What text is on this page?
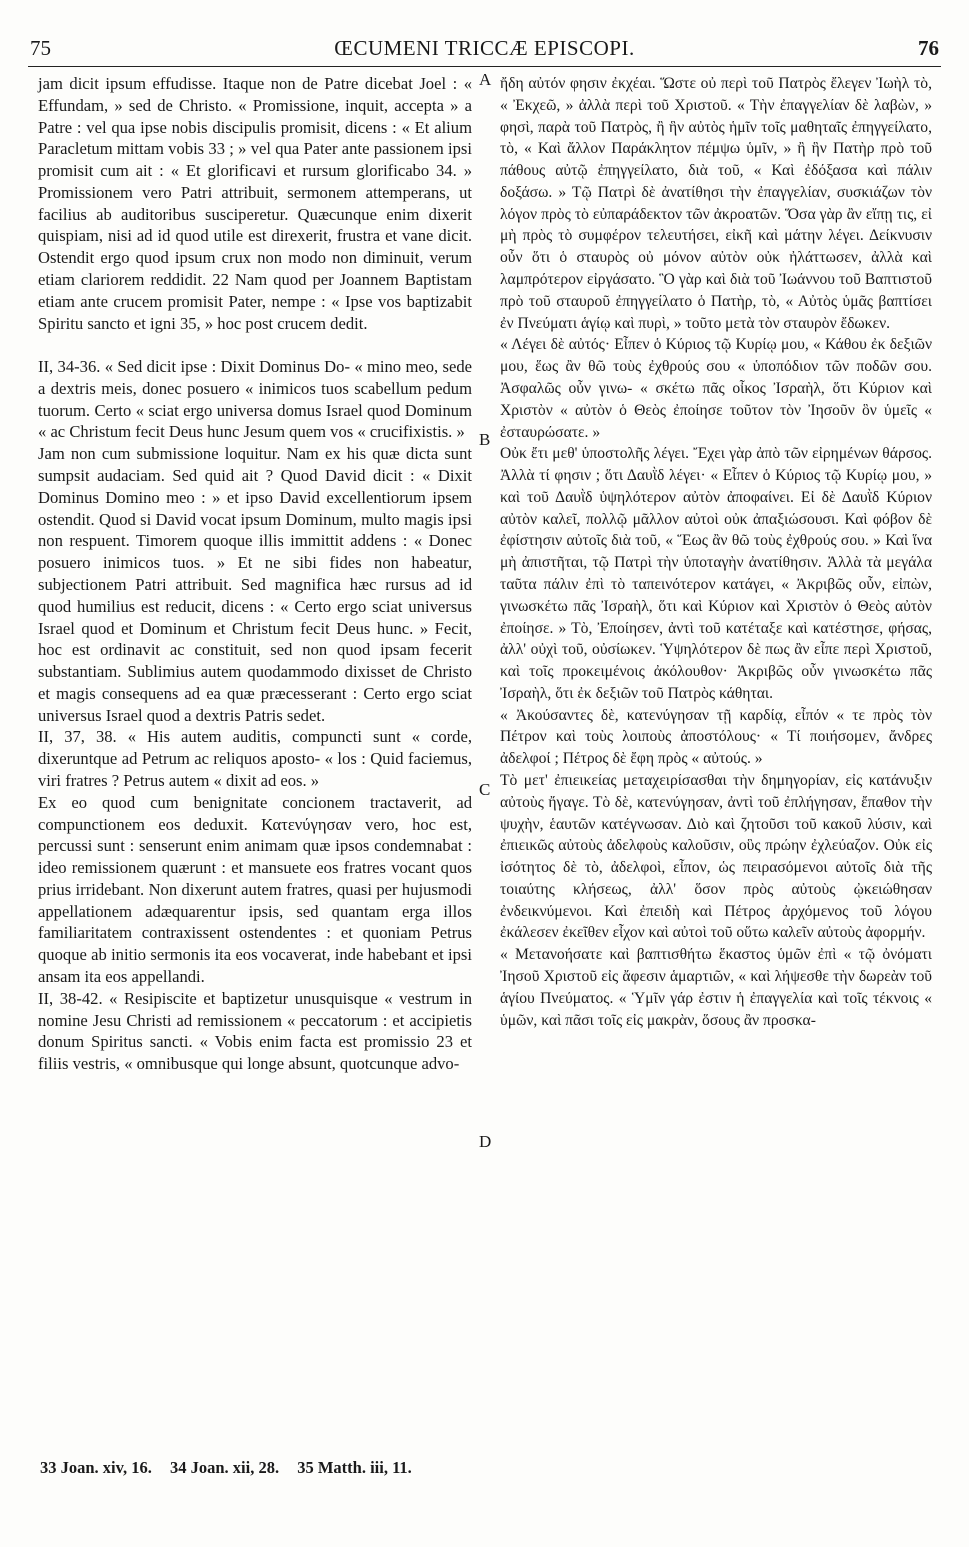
75	ŒCUMENI TRICCÆ EPISCOPI.	76

jam dicit ipsum effudisse. Itaque non de Patre dicebat Joel : « Effundam, » sed de Christo. « Promissione, inquit, accepta » a Patre : vel qua ipse nobis discipulis promisit, dicens : « Et alium Paracletum mittam vobis 33 ; » vel qua Pater ante passionem ipsi promisit cum ait : « Et glorificavi et rursum glorificabo 34. » Promissionem vero Patri attribuit, sermonem attemperans, ut facilius ab auditoribus susciperetur. Quæcunque enim dixerit quispiam, nisi ad id quod utile est direxerit, frustra et vane dicit. Ostendit ergo quod ipsum crux non modo non diminuit, verum etiam clariorem reddidit. 22 Nam quod per Joannem Baptistam etiam ante crucem promisit Pater, nempe : « Ipse vos baptizabit Spiritu sancto et igni 35, » hoc post crucem dedit.

II, 34-36. « Sed dicit ipse : Dixit Dominus Do- « mino meo, sede a dextris meis, donec posuero « inimicos tuos scabellum pedum tuorum. Certo « sciat ergo universa domus Israel quod Dominum « ac Christum fecit Deus hunc Jesum quem vos « crucifixistis. »

Jam non cum submissione loquitur. Nam ex his quæ dicta sunt sumpsit audaciam. Sed quid ait ? Quod David dicit : « Dixit Dominus Domino meo : » et ipso David excellentiorum ipsem ostendit. Quod si David vocat ipsum Dominum, multo magis ipsi non respuent. Timorem quoque illis immittit addens : « Donec posuero inimicos tuos. » Et ne sibi fides non habeatur, subjectionem Patri attribuit. Sed magnifica hæc rursus ad id quod humilius est reducit, dicens : « Certo ergo sciat universus Israel quod et Dominum et Christum fecit Deus hunc. » Fecit, hoc est ordinavit ac constituit, sed non quod ipsam fecerit substantiam. Sublimius autem quodammodo dixisset de Christo et magis consequens ad ea quæ præcesserant : Certo ergo sciat universus Israel quod a dextris Patris sedet.

II, 37, 38. « His autem auditis, compuncti sunt « corde, dixeruntque ad Petrum ac reliquos aposto- « los : Quid faciemus, viri fratres ? Petrus autem « dixit ad eos. »

Ex eo quod cum benignitate concionem tractaverit, ad compunctionem eos deduxit. Κατενύγησαν vero, hoc est, percussi sunt : senserunt enim animam quæ ipsos condemnabat : ideo remissionem quærunt : et mansuete eos fratres vocant quos prius irridebant. Non dixerunt autem fratres, quasi per hujusmodi appellationem adæquarentur ipsis, sed quantam erga illos familiaritatem contraxissent ostendentes : et quoniam Petrus quoque ab initio sermonis ita eos vocaverat, inde habebant et ipsi ansam ita eos appellandi.

II, 38-42. « Resipiscite et baptizetur unusquisque « vestrum in nomine Jesu Christi ad remissionem « peccatorum : et accipietis donum Spiritus sancti. « Vobis enim facta est promissio 23 et filiis vestris, « omnibusque qui longe absunt, quotcunque advo-

A
B
C
D

ἤδη αὐτόν φησιν ἐκχέαι. Ὥστε οὐ περὶ τοῦ Πατρὸς ἔλεγεν Ἰωὴλ τὸ, « Ἐκχεῶ, » ἀλλὰ περὶ τοῦ Χριστοῦ. « Τὴν ἐπαγγελίαν δὲ λαβὼν, » φησὶ, παρὰ τοῦ Πατρὸς, ἢ ἣν αὐτὸς ἡμῖν τοῖς μαθηταῖς ἐπηγγείλατο, τὸ, « Καὶ ἄλλον Παράκλητον πέμψω ὑμῖν, » ἢ ἣν Πατὴρ πρὸ τοῦ πάθους αὐτῷ ἐπηγγείλατο, διὰ τοῦ, « Καὶ ἐδόξασα καὶ πάλιν δοξάσω. » Τῷ Πατρὶ δὲ ἀνατίθησι τὴν ἐπαγγελίαν, συσκιάζων τὸν λόγον πρὸς τὸ εὐπαράδεκτον τῶν ἀκροατῶν. Ὅσα γὰρ ἂν εἴπῃ τις, εἰ μὴ πρὸς τὸ συμφέρον τελευτήσει, εἰκῆ καὶ μάτην λέγει. Δείκνυσιν οὖν ὅτι ὁ σταυρὸς οὐ μόνον αὐτὸν οὐκ ἠλάττωσεν, ἀλλὰ καὶ λαμπρότερον εἰργάσατο. Ὃ γὰρ καὶ διὰ τοῦ Ἰωάννου τοῦ Βαπτιστοῦ πρὸ τοῦ σταυροῦ ἐπηγγείλατο ὁ Πατὴρ, τὸ, « Αὐτὸς ὑμᾶς βαπτίσει ἐν Πνεύματι ἁγίῳ καὶ πυρὶ, » τοῦτο μετὰ τὸν σταυρὸν ἔδωκεν.

« Λέγει δὲ αὐτός· Εἶπεν ὁ Κύριος τῷ Κυρίῳ μου, « Κάθου ἐκ δεξιῶν μου, ἕως ἂν θῶ τοὺς ἐχθρούς σου « ὑποπόδιον τῶν ποδῶν σου. Ἀσφαλῶς οὖν γινω- « σκέτω πᾶς οἶκος Ἰσραὴλ, ὅτι Κύριον καὶ Χριστὸν « αὐτὸν ὁ Θεὸς ἐποίησε τοῦτον τὸν Ἰησοῦν ὃν ὑμεῖς « ἐσταυρώσατε. »

Οὐκ ἔτι μεθ' ὑποστολῆς λέγει. Ἔχει γὰρ ἀπὸ τῶν εἰρημένων θάρσος. Ἀλλὰ τί φησιν ; ὅτι Δαυῒδ λέγει· « Εἶπεν ὁ Κύριος τῷ Κυρίῳ μου, » καὶ τοῦ Δαυῒδ ὑψηλότερον αὐτὸν ἀποφαίνει. Εἰ δὲ Δαυῒδ Κύριον αὐτὸν καλεῖ, πολλῷ μᾶλλον αὐτοὶ οὐκ ἀπαξιώσουσι. Καὶ φόβον δὲ ἐφίστησιν αὐτοῖς διὰ τοῦ, « Ἕως ἂν θῶ τοὺς ἐχθρούς σου. » Καὶ ἵνα μὴ ἀπιστῆται, τῷ Πατρὶ τὴν ὑποταγὴν ἀνατίθησιν. Ἀλλὰ τὰ μεγάλα ταῦτα πάλιν ἐπὶ τὸ ταπεινότερον κατάγει, « Ἀκριβῶς οὖν, εἰπὼν, γινωσκέτω πᾶς Ἰσραὴλ, ὅτι καὶ Κύριον καὶ Χριστὸν ὁ Θεὸς αὐτὸν ἐποίησε. » Τὸ, Ἐποίησεν, ἀντὶ τοῦ κατέταξε καὶ κατέστησε, φήσας, ἀλλ' οὐχὶ τοῦ, οὐσίωκεν. Ὑψηλότερον δὲ πως ἂν εἶπε περὶ Χριστοῦ, καὶ τοῖς προκειμένοις ἀκόλουθον· Ἀκριβῶς οὖν γινωσκέτω πᾶς Ἰσραὴλ, ὅτι ἐκ δεξιῶν τοῦ Πατρὸς κάθηται.

« Ἀκούσαντες δὲ, κατενύγησαν τῇ καρδίᾳ, εἶπόν « τε πρὸς τὸν Πέτρον καὶ τοὺς λοιποὺς ἀποστόλους· « Τί ποιήσομεν, ἄνδρες ἀδελφοί ; Πέτρος δὲ ἔφη πρὸς « αὐτούς. »

Τὸ μετ' ἐπιεικείας μεταχειρίσασθαι τὴν δημηγορίαν, εἰς κατάνυξιν αὐτοὺς ἤγαγε. Τὸ δὲ, κατενύγησαν, ἀντὶ τοῦ ἐπλήγησαν, ἔπαθον τὴν ψυχὴν, ἑαυτῶν κατέγνωσαν. Διὸ καὶ ζητοῦσι τοῦ κακοῦ λύσιν, καὶ ἐπιεικῶς αὐτοὺς ἀδελφοὺς καλοῦσιν, οὓς πρώην ἐχλεύαζον. Οὐκ εἰς ἰσότητος δὲ τὸ, ἀδελφοὶ, εἶπον, ὡς πειρασόμενοι αὐτοῖς διὰ τῆς τοιαύτης κλήσεως, ἀλλ' ὅσον πρὸς αὐτοὺς ᾠκειώθησαν ἐνδεικνύμενοι. Καὶ ἐπειδὴ καὶ Πέτρος ἀρχόμενος τοῦ λόγου ἐκάλεσεν ἐκεῖθεν εἶχον καὶ αὐτοὶ τοῦ οὕτω καλεῖν αὐτοὺς ἀφορμήν.

« Μετανοήσατε καὶ βαπτισθήτω ἕκαστος ὑμῶν ἐπὶ « τῷ ὀνόματι Ἰησοῦ Χριστοῦ εἰς ἄφεσιν ἁμαρτιῶν, « καὶ λήψεσθε τὴν δωρεὰν τοῦ ἁγίου Πνεύματος. « Ὑμῖν γάρ ἐστιν ἡ ἐπαγγελία καὶ τοῖς τέκνοις « ὑμῶν, καὶ πᾶσι τοῖς εἰς μακρὰν, ὅσους ἂν προσκα-

33 Joan. xiv, 16. 34 Joan. xii, 28. 35 Matth. iii, 11.
